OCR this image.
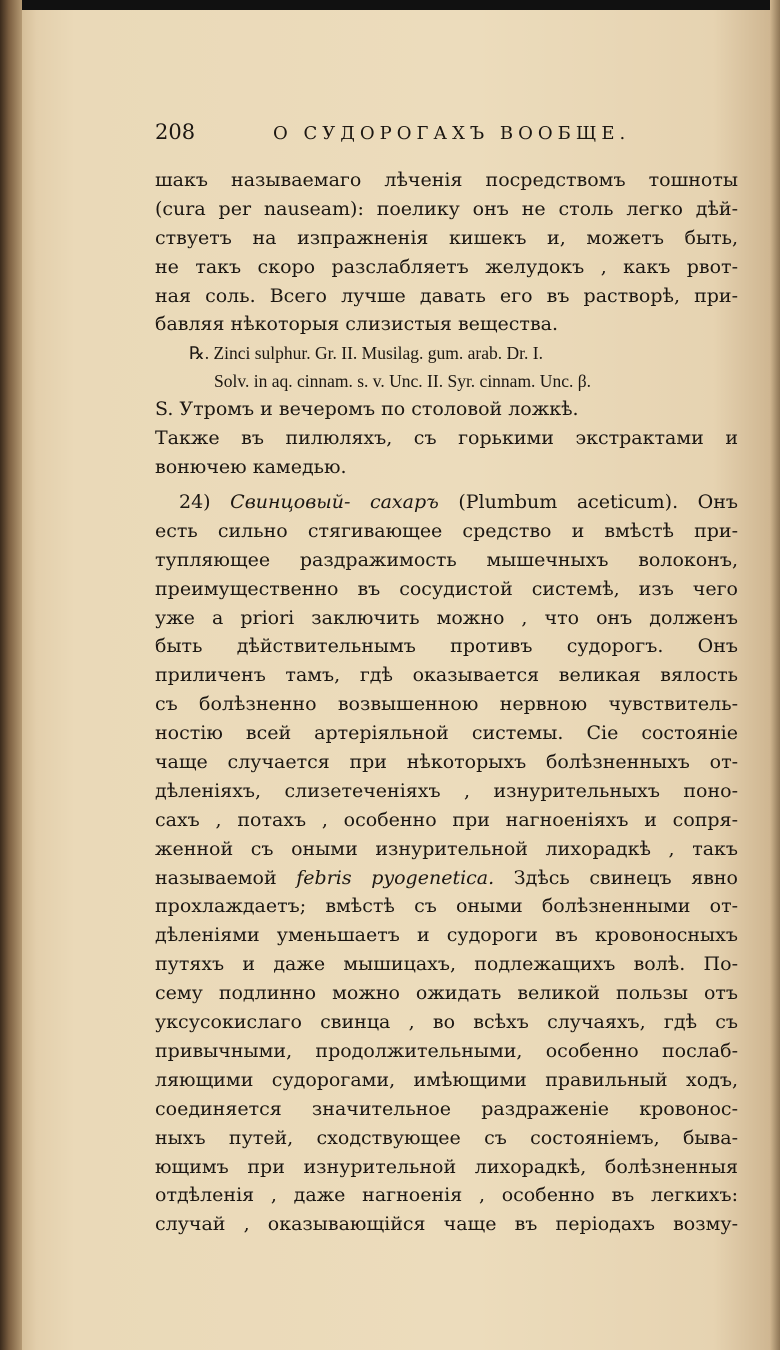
208	О СУДОРОГАХЪ ВООБЩЕ.
шакъ называемаго лѣченія посредствомъ тошноты
(cura per nauseam): поелику онъ не столь легко дѣй-
ствуетъ на изпражненія кишекъ и, можетъ быть,
не такъ скоро разслабляетъ желудокъ , какъ рвот-
ная соль. Всего лучше давать его въ растворѣ, при-
бавляя нѣкоторыя слизистыя вещества.
℞. Zinci sulphur. Gr. II. Musilag. gum. arab. Dr. I.
Solv. in aq. cinnam. s. v. Unc. II. Syr. cinnam. Unc. β.
S. Утромъ и вечеромъ по столовой ложкѣ.
Также въ пилюляхъ, съ горькими экстрактами и
вонючею камедью.
24) Свинцовый- сахаръ (Plumbum aceticum). Онъ
есть сильно стягивающее средство и вмѣстѣ при-
тупляющее раздражимость мышечныхъ волоконъ,
преимущественно въ сосудистой системѣ, изъ чего
уже a priori заключить можно , что онъ долженъ
быть дѣйствительнымъ противъ судорогъ. Онъ
приличенъ тамъ, гдѣ оказывается великая вялость
съ болѣзненно возвышенною нервною чувствитель-
ностію всей артеріяльной системы. Сіе состояніе
чаще случается при нѣкоторыхъ болѣзненныхъ от-
дѣленіяхъ, слизетеченіяхъ , изнурительныхъ поно-
сахъ , потахъ , особенно при нагноеніяхъ и сопря-
женной съ оными изнурительной лихорадкѣ , такъ
называемой febris pyogenetica. Здѣсь свинецъ явно
прохлаждаетъ; вмѣстѣ съ оными болѣзненными от-
дѣленіями уменьшаетъ и судороги въ кровоносныхъ
путяхъ и даже мышицахъ, подлежащихъ волѣ. По-
сему подлинно можно ожидать великой пользы отъ
уксусокислаго свинца , во всѣхъ случаяхъ, гдѣ съ
привычными, продолжительными, особенно послаб-
ляющими судорогами, имѣющими правильный ходъ,
соединяется значительное раздраженіе кровонос-
ныхъ путей, сходствующее съ состояніемъ, быва-
ющимъ при изнурительной лихорадкѣ, болѣзненныя
отдѣленія , даже нагноенія , особенно въ легкихъ:
случай , оказывающійся чаще въ періодахъ возму-
